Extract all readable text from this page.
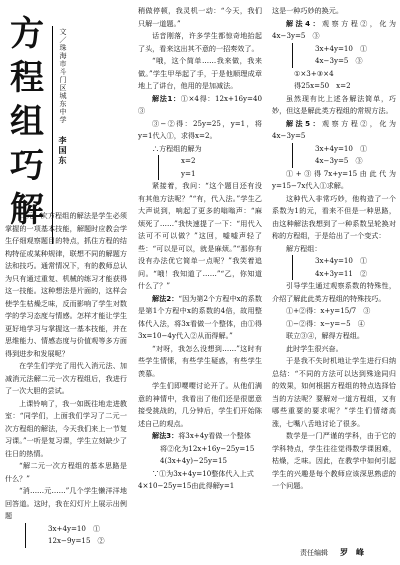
方
程
组
巧
解
文／珠海市斗门区城东中学
李国东

二元一次方程组的解法是学生必须掌握的一项基本技能，解题时应教会学生仔细观察题目的特点，抓住方程的结构特征或某种规律，联想不同的解题方法和技巧。通常情况下，有的教师总认为只有通过重复、机械的练习才能获得这一技能。这种想法是片面的，这样会使学生枯燥乏味，反而影响了学生对数学的学习态度与情感。怎样才能让学生更好地学习与掌握这一基本技能，并在思维能力、情感态度与价值观等多方面得到进步和发展呢？

在学生们学完了用代入消元法、加减消元法解二元一次方程组后，我进行了一次大胆的尝试。

上课铃响了，我一如既往地走进教室：“同学们，上面我们学习了二元一次方程组的解法，今天我们来上一节复习课。”一听是复习课，学生立刻缺少了往日的热情。

“解二元一次方程组的基本思路是什么？”

“消……元……”几个学生懒洋洋地回答道。这时，我在幻灯片上展示出例题

3x+4y=10　①
12x−9y=15　②

稍做停顿，我灵机一动：“今天，我们只解一道题。”

话音刚落，许多学生都惊奇地抬起了头，看来这出其不意的一招奏效了。

“哦，这个简单……我来做，我来做。”学生甲举起了手，于是他顺理成章地上了讲台，他用的是加减法。

解法1：①×4得：12x+16y=40　③

③−②得：25y=25，y=1，将y=1代入①，求得x=2。

∴方程组的解为

x=2
y=1

紧接着，我问：“这个题目还有没有其他方法呢？”“有，代入法。”学生乙大声说到，响起了更多的嗡嗡声：“麻烦死了……”我快速提了一下：“用代入法可不可以做？”这回，嘘嘘声轻了些：“可以是可以，就是麻烦。”“那你有没有办法优它简单一点呢？”我笑着追问。“哦！我知道了……”“乙，你知道什么了？”

解法2：“因为第2个方程中x的系数是第1个方程中x的系数的4倍，故用整体代入法，将3x看做一个整体，由①得3x=10−4y代入②从而得解。”

“对呀，我怎么没想到……”这时有些学生情愫，有些学生疑惑，有些学生羡慕。

学生们即嘤嘤讨论开了。从他们满意的神情中，我看出了他们还是很愿意接受挑战的，几分钟后，学生们开始陈述自己的观点。

解法3：将3x+4y看做一个整体

将②化为12x+16y−25y=15

4(3x+4y)−25y=15

∵①为3x+4y=10整体代入上式

4×10−25y=15由此得解y=1

这是一种巧妙的换元。

解法4：观察方程②，化为4x−3y=5　③

3x+4y=10　①
4x−3y=5　③

①×3+③×4

得25x=50　x=2

虽然现有比上述各解法简单，巧妙，但这是解此类方程组的常规方法。

解法5：观察方程②，化为4x−3y=5

3x+4y=10　①
4x−3y=5　③

①+③得7x+y=15由此代为y=15−7x代入①求解。

这种代入非常巧妙，他构造了一个系数为1的元，看来不但是一种思路，由这种解法我想到了一种系数呈轮换对称的方程组，于是给出了一个变式：

解方程组：

3x+4y=10　①
4x+3y=11　②

引导学生通过观察系数的特殊性，介绍了解此此类方程组的特殊技巧。

①+②得：x+y=15/7　 ③

①−②得：x−y=−5　④

联立③④，解得方程组。

此时学生很兴奋。

于是我不失时机地让学生进行归纳总结：“不同的方法可以达到殊途同归的效果，如何根据方程组的特点选择恰当的方法呢？要解对一道方程组，又有哪些重要的要求呢？”学生们情绪高涨，七嘴八舌地讨论了很多。

数学是一门严谨的学科，由于它的学科特点，学生往往觉得数学课困难，枯燥，乏味。因此，在教学中如何引起学生的兴趣是每个教师应该深思熟虑的一个问题。

责任编辑 罗　峰
